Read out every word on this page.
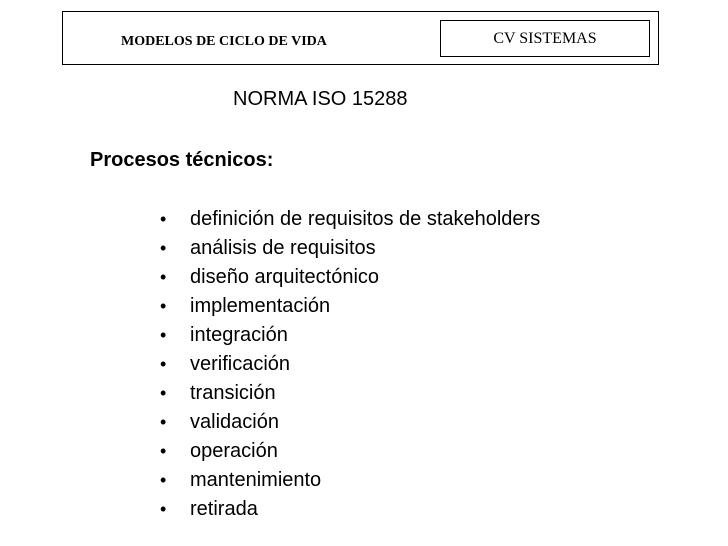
MODELOS DE CICLO DE VIDA	CV SISTEMAS
NORMA ISO 15288
Procesos técnicos:
• definición de requisitos de stakeholders
• análisis de requisitos
• diseño arquitectónico
• implementación
• integración
• verificación
• transición
• validación
• operación
• mantenimiento
• retirada
